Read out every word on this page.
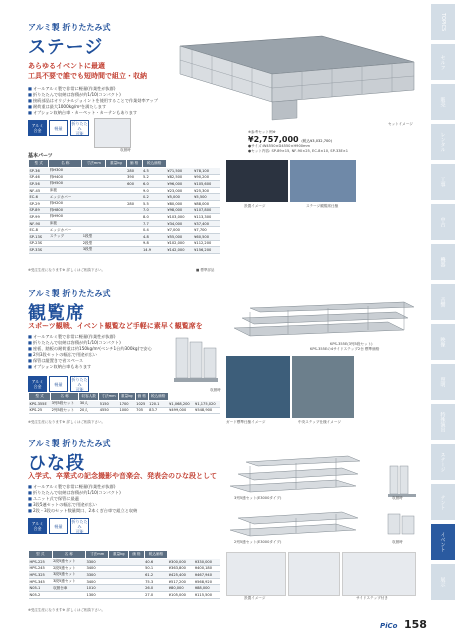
TOPICS
セルフ
販売
レンタル
工事
中古
機器
音響
映像
照明
特殊演出
ステージ
テント
イベント
展示
アルミ製 折りたたみ式
ステージ
あらゆるイベントに最適
工具不要で誰でも短時間で組立・収納
■ オールアルミ製で非常に軽量(作業性が抜群)
■ 折りたたんで収納は容積が約1/10(コンパクト)
■ 接続部品はオリジナルジョイントを使用することで作業効率アップ
■ 耐荷重は最大1000kg/m²を満たします
■ オプション収納台車・カーペット・カーテンもあります
アルミ
合金	軽量
折りたたみ
可能
収納時
セットイメージ
※参考セット例※
¥2,757,000 (税込¥3,032,700)
●サイズ:W4550×D4550×H900mm
●セット内容: SP-89×15, NF-90×25, EC-8×10, SP-33E×1
基本パーツ
型 式	名 称	寸法mm	重量kg	価 格	税込価格		
SP-36	枠H300			280	4.5	¥71,500	¥78,100
SP-46	枠H400			390	5.2	¥82,500	¥90,200
SP-56	枠H500			600	6.0	¥96,000	¥105,600
NF-45	床板				9.0	¥23,000	¥25,300
EC-6	エッジカバー				0.2	¥5,000	¥5,500
SP-29	枠H200			280	5.5	¥80,000	¥88,000
SP-89	枠H800				7.0	¥98,000	¥107,800
SP-99	枠H900				8.0	¥103,000	¥113,300
NF-90	床板				7.7	¥34,000	¥37,400
EC-8	エッジカバー				0.4	¥7,000	¥7,700
SP-13S	ステップ	1段型			4.8	¥55,000	¥60,500
SP-23S		2段型			9.8	¥102,000	¥112,200
SP-33S		3段型			14.9	¥142,000	¥156,200
※受注生産になります※ 詳しくはご相談下さい。	■ 標準部品
設置イメージ	ステージ観覧席仕様
アルミ製 折りたたみ式
観覧席
スポーツ観戦、イベント観覧など手軽に素早く観覧席を
■ オールアルミ製で非常に軽量(作業性が抜群)
■ 折りたたんで収納は容積が約1/10(コンパクト)
■ 座板、踏板の耐荷重は約150kg/m²(ベンチ1台約300kg)で安心
■ 2列3段セットの幅広で用途が広い
■ 保管は縦置きで省スペース
■ オプション収納台車もあります
アルミ
合金	軽量
折りたたみ
可能	収納時
KPS-355E(3列5段セット)
KPS-355Eの4サイドステップ2台 標準価格
型 式	名 称	収容人数	寸法mm	重量kg	価 格	税込価格		
KPS-355E	3列5段セット	30人	5150	1700	1025	120.1	¥1,068,200	¥1,175,020
KPS-25	2列5段セット	20人	4550	1000	705	83.7	¥499,000	¥548,900
※受注生産になります※ 詳しくはご相談下さい。	ガード標準仕様イメージ	中央ステップ仕様イメージ
アルミ製 折りたたみ式
ひな段
入学式、卒業式の記念撮影や音楽会、発表会のひな段として
■ オールアルミ製で非常に軽量(作業性が抜群)
■ 折りたたんで収納は容積が約1/10(コンパクト)
■ ユニット式で保管に最適
■ 3段5連セットの幅広で用途が広い
■ 2段・3段のセット数量間口、2本くぎ台車で組立と収納
アルミ
合金	軽量
折りたたみ
可能
3列5連セット(E3000タイプ)
2列5連セット(E3000タイプ)
収納時
収納時
型 式	名 称	寸法mm	重量kg	価 格	税込価格		
HPS-225	2段5連セット	3300			40.6	¥300,000	¥330,000
HPS-245	2段5連セット	3400			50.1	¥363,800	¥400,180
HPS-325	3段5連セット	3300			61.2	¥425,400	¥467,940
HPS-345	3段5連セット	3400			75.3	¥517,200	¥568,920
N05-1	収納台車	1010			26.0	¥80,000	¥88,000
N05-2		1300			27.0	¥105,000	¥115,500
※受注生産になります※ 詳しくはご相談下さい。
設置イメージ	サイドステップ付き
PiCo 158
